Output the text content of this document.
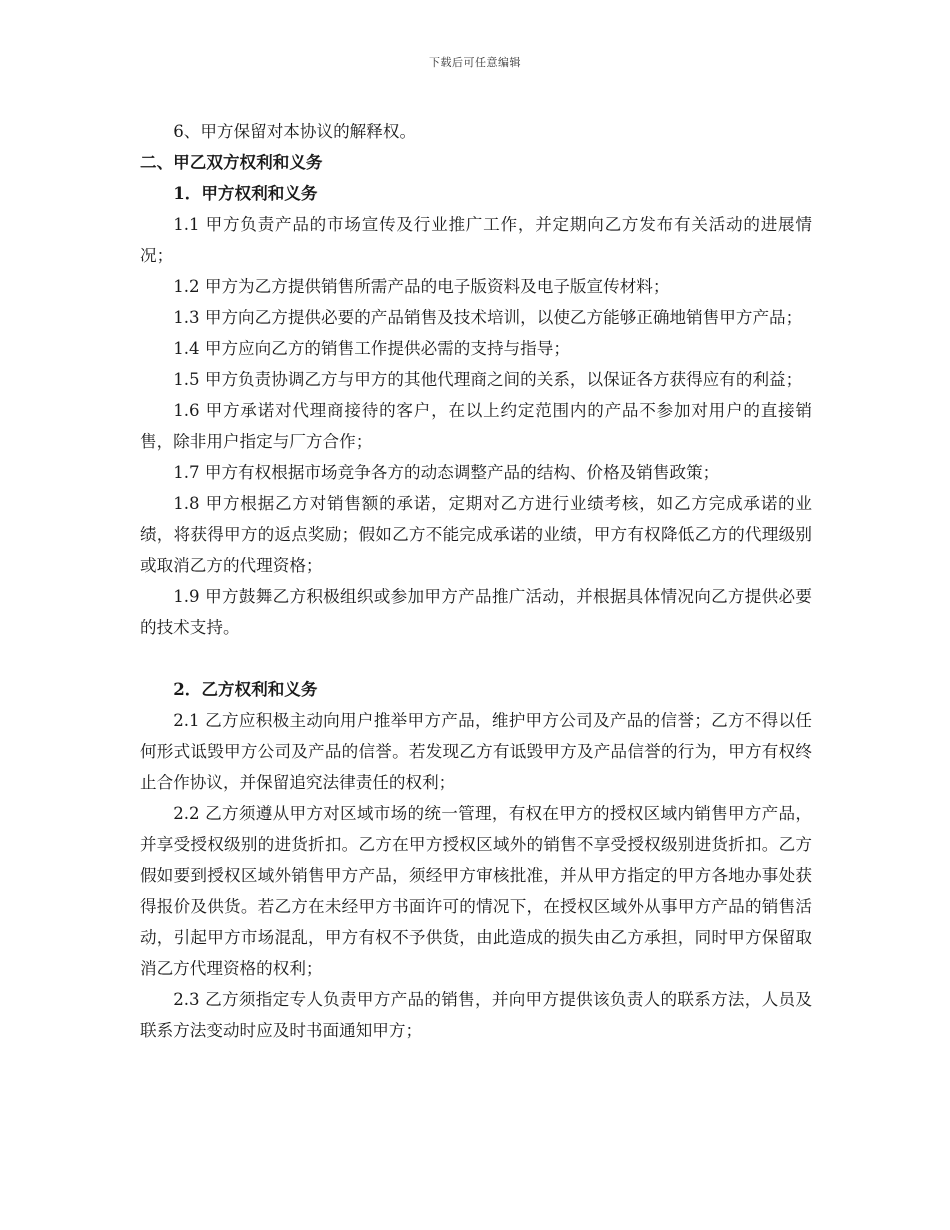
下载后可任意编辑

6、甲方保留对本协议的解释权。

二、甲乙双方权利和义务

1．甲方权利和义务

1.1 甲方负责产品的市场宣传及行业推广工作，并定期向乙方发布有关活动的进展情况；

1.2 甲方为乙方提供销售所需产品的电子版资料及电子版宣传材料；

1.3 甲方向乙方提供必要的产品销售及技术培训，以使乙方能够正确地销售甲方产品；

1.4 甲方应向乙方的销售工作提供必需的支持与指导；

1.5 甲方负责协调乙方与甲方的其他代理商之间的关系，以保证各方获得应有的利益；

1.6 甲方承诺对代理商接待的客户，在以上约定范围内的产品不参加对用户的直接销售，除非用户指定与厂方合作；

1.7 甲方有权根据市场竞争各方的动态调整产品的结构、价格及销售政策；

1.8 甲方根据乙方对销售额的承诺，定期对乙方进行业绩考核，如乙方完成承诺的业绩，将获得甲方的返点奖励；假如乙方不能完成承诺的业绩，甲方有权降低乙方的代理级别或取消乙方的代理资格；

1.9 甲方鼓舞乙方积极组织或参加甲方产品推广活动，并根据具体情况向乙方提供必要的技术支持。

2．乙方权利和义务

2.1 乙方应积极主动向用户推举甲方产品，维护甲方公司及产品的信誉；乙方不得以任何形式诋毁甲方公司及产品的信誉。若发现乙方有诋毁甲方及产品信誉的行为，甲方有权终止合作协议，并保留追究法律责任的权利；

2.2 乙方须遵从甲方对区域市场的统一管理，有权在甲方的授权区域内销售甲方产品，并享受授权级别的进货折扣。乙方在甲方授权区域外的销售不享受授权级别进货折扣。乙方假如要到授权区域外销售甲方产品，须经甲方审核批准，并从甲方指定的甲方各地办事处获得报价及供货。若乙方在未经甲方书面许可的情况下，在授权区域外从事甲方产品的销售活动，引起甲方市场混乱，甲方有权不予供货，由此造成的损失由乙方承担，同时甲方保留取消乙方代理资格的权利；

2.3 乙方须指定专人负责甲方产品的销售，并向甲方提供该负责人的联系方法，人员及联系方法变动时应及时书面通知甲方；
